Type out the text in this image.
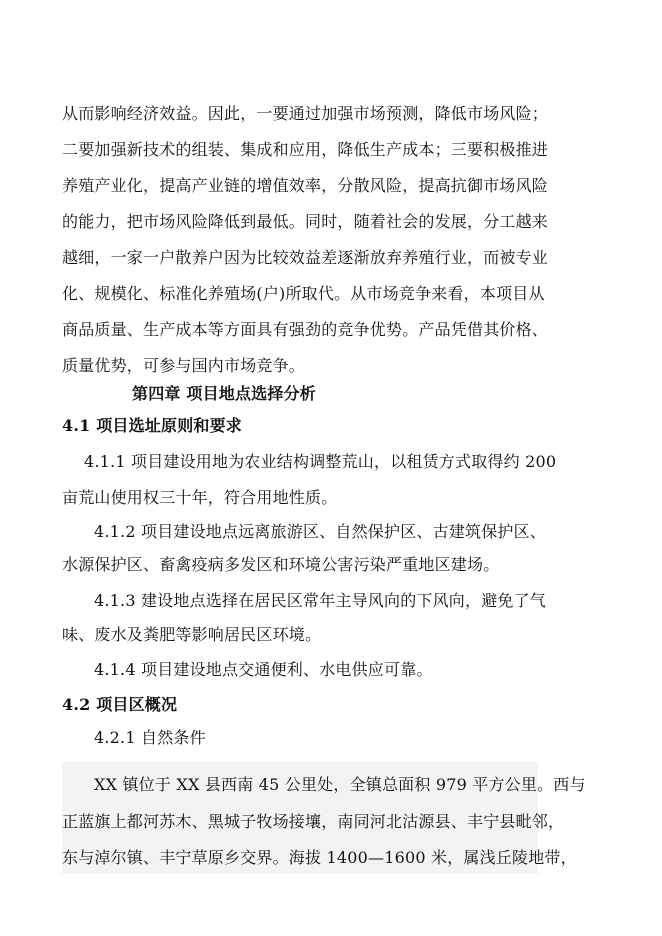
从而影响经济效益。因此，一要通过加强市场预测，降低市场风险；
二要加强新技术的组装、集成和应用，降低生产成本；三要积极推进
养殖产业化，提高产业链的增值效率，分散风险，提高抗御市场风险
的能力，把市场风险降低到最低。同时，随着社会的发展，分工越来
越细，一家一户散养户因为比较效益差逐渐放弃养殖行业，而被专业
化、规模化、标准化养殖场(户)所取代。从市场竞争来看，本项目从
商品质量、生产成本等方面具有强劲的竞争优势。产品凭借其价格、
质量优势，可参与国内市场竞争。
第四章 项目地点选择分析
4.1 项目选址原则和要求
4.1.1 项目建设用地为农业结构调整荒山，以租赁方式取得约 200
亩荒山使用权三十年，符合用地性质。
4.1.2 项目建设地点远离旅游区、自然保护区、古建筑保护区、
水源保护区、畜禽疫病多发区和环境公害污染严重地区建场。
4.1.3 建设地点选择在居民区常年主导风向的下风向，避免了气
味、废水及粪肥等影响居民区环境。
4.1.4 项目建设地点交通便利、水电供应可靠。
4.2 项目区概况
4.2.1 自然条件
XX 镇位于 XX 县西南 45 公里处，全镇总面积 979 平方公里。西与
正蓝旗上都河苏木、黑城子牧场接壤，南同河北沽源县、丰宁县毗邻，
东与淖尔镇、丰宁草原乡交界。海拔 1400—1600 米，属浅丘陵地带，
